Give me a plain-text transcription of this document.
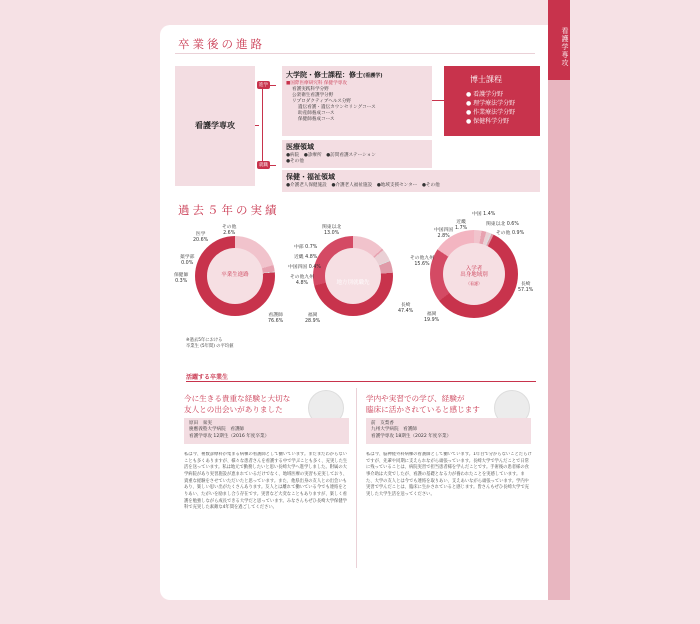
看護学専攻
卒業後の進路
看護学専攻
進学
就職
大学院・修士課程：修士(看護学)
■国際医療研究科 保健学専攻
看護実践科学分野
公衆衛生看護学分野
リプロダクティブヘルス分野
遺伝看護・遺伝カウンセリングコース
助産師養成コース
保健師養成コース
博士課程
● 看護学分野
● 理学療法学分野
● 作業療法学分野
● 保健科学分野
医療領域
●病院　●診療所　●訪問看護ステーション
●その他
保健・福祉領域
●介護老人保健施設　●介護老人福祉施設　●地域支援センター　●その他
過去５年の実績
卒業生進路
医学
20.6%
その他
2.6%
薬学部
0.0%
保健師
0.3%
看護師
76.6%
地方別就職先
関東以北
13.0%
中部 0.7%
近畿 4.8%
中国四国 0.4%
その他九州
4.8%
長崎
47.4%
福岡
28.9%
入学者
出身地域別
（看護）
中国四国
2.8%
近畿
1.7%
中国 1.4%
関東以北 0.6%
その他 0.9%
その他九州
15.6%
長崎
57.1%
福岡
19.9%
※過去5年における
卒業生 (5年間) の平均値
活躍する卒業生
今に生きる貴重な経験と大切な
友人との出会いがありました
原田　栞実
慶應義塾大学病院　看護師
看護学専攻 12期生（2016 年度卒業）
私は今、複数診療科が集まる病棟の看護師として働いています。まだまだわからないことも多くありますが、様々な患者さんを看護する中で学ぶことも多く、充実した生活を送っています。私は地元で勤務したいと思い長崎大学へ進学しました。附属の大学病院があり実習施設が恵まれているだけでなく、地域医療の実習も充実しており、貴重な経験をさせていただいたと思っています。また、他県出身の友人との出会いもあり、楽しい思い出がたくさんあります。友人とは離れて働いている今でも連絡をとりあい、たがいを励まし合う存在です。実習など大変なこともありますが、楽しく看護を勉強しながら成長できる大学だと思っています。みなさんもぜひ長崎大学保健学科で充実した素敵な4年間を過ごしてください。
学内や実習での学び、経験が
臨床に活かされていると感じます
前　友梨香
九州大学病院　看護師
看護学専攻 18期生（2022 年度卒業）
私は今、脳神経外科病棟の看護師として働いています。1年目で分からないことだらけですが、先輩や同期に支えられながら頑張っています。長崎大学で学んだことで日常に残っていることは、病院実習で担当患者様を学んだことです。手術後の患者様の食事介助は大変でしたが、看護の基礎となる力が養われたことを実感しています。また、大学の友人とは今でも連絡を取りあい、支えあいながら頑張っています。学内や実習で学んだことは、臨床に生かされていると感じます。皆さんもぜひ長崎大学で充実した大学生活を送ってください。
